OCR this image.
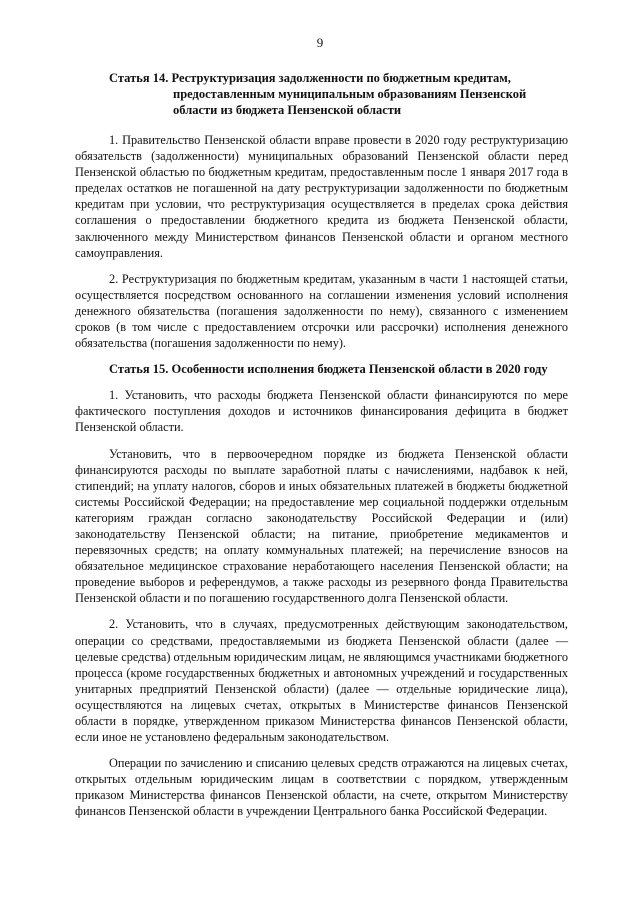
9
Статья 14. Реструктуризация задолженности по бюджетным кредитам,
предоставленным муниципальным образованиям Пензенской
области из бюджета Пензенской области

1. Правительство Пензенской области вправе провести в 2020 году реструктуризацию обязательств (задолженности) муниципальных образований Пензенской области перед Пензенской областью по бюджетным кредитам, предоставленным после 1 января 2017 года в пределах остатков не погашенной на дату реструктуризации задолженности по бюджетным кредитам при условии, что реструктуризация осуществляется в пределах срока действия соглашения о предоставлении бюджетного кредита из бюджета Пензенской области, заключенного между Министерством финансов Пензенской области и органом местного самоуправления.

2. Реструктуризация по бюджетным кредитам, указанным в части 1 настоящей статьи, осуществляется посредством основанного на соглашении изменения условий исполнения денежного обязательства (погашения задолженности по нему), связанного с изменением сроков (в том числе с предоставлением отсрочки или рассрочки) исполнения денежного обязательства (погашения задолженности по нему).

Статья 15. Особенности исполнения бюджета Пензенской области в 2020 году

1. Установить, что расходы бюджета Пензенской области финансируются по мере фактического поступления доходов и источников финансирования дефицита в бюджет Пензенской области.

Установить, что в первоочередном порядке из бюджета Пензенской области финансируются расходы по выплате заработной платы с начислениями, надбавок к ней, стипендий; на уплату налогов, сборов и иных обязательных платежей в бюджеты бюджетной системы Российской Федерации; на предоставление мер социальной поддержки отдельным категориям граждан согласно законодательству Российской Федерации и (или) законодательству Пензенской области; на питание, приобретение медикаментов и перевязочных средств; на оплату коммунальных платежей; на перечисление взносов на обязательное медицинское страхование неработающего населения Пензенской области; на проведение выборов и референдумов, а также расходы из резервного фонда Правительства Пензенской области и по погашению государственного долга Пензенской области.

2. Установить, что в случаях, предусмотренных действующим законодательством, операции со средствами, предоставляемыми из бюджета Пензенской области (далее — целевые средства) отдельным юридическим лицам, не являющимся участниками бюджетного процесса (кроме государственных бюджетных и автономных учреждений и государственных унитарных предприятий Пензенской области) (далее — отдельные юридические лица), осуществляются на лицевых счетах, открытых в Министерстве финансов Пензенской области в порядке, утвержденном приказом Министерства финансов Пензенской области, если иное не установлено федеральным законодательством.

Операции по зачислению и списанию целевых средств отражаются на лицевых счетах, открытых отдельным юридическим лицам в соответствии с порядком, утвержденным приказом Министерства финансов Пензенской области, на счете, открытом Министерству финансов Пензенской области в учреждении Центрального банка Российской Федерации.
